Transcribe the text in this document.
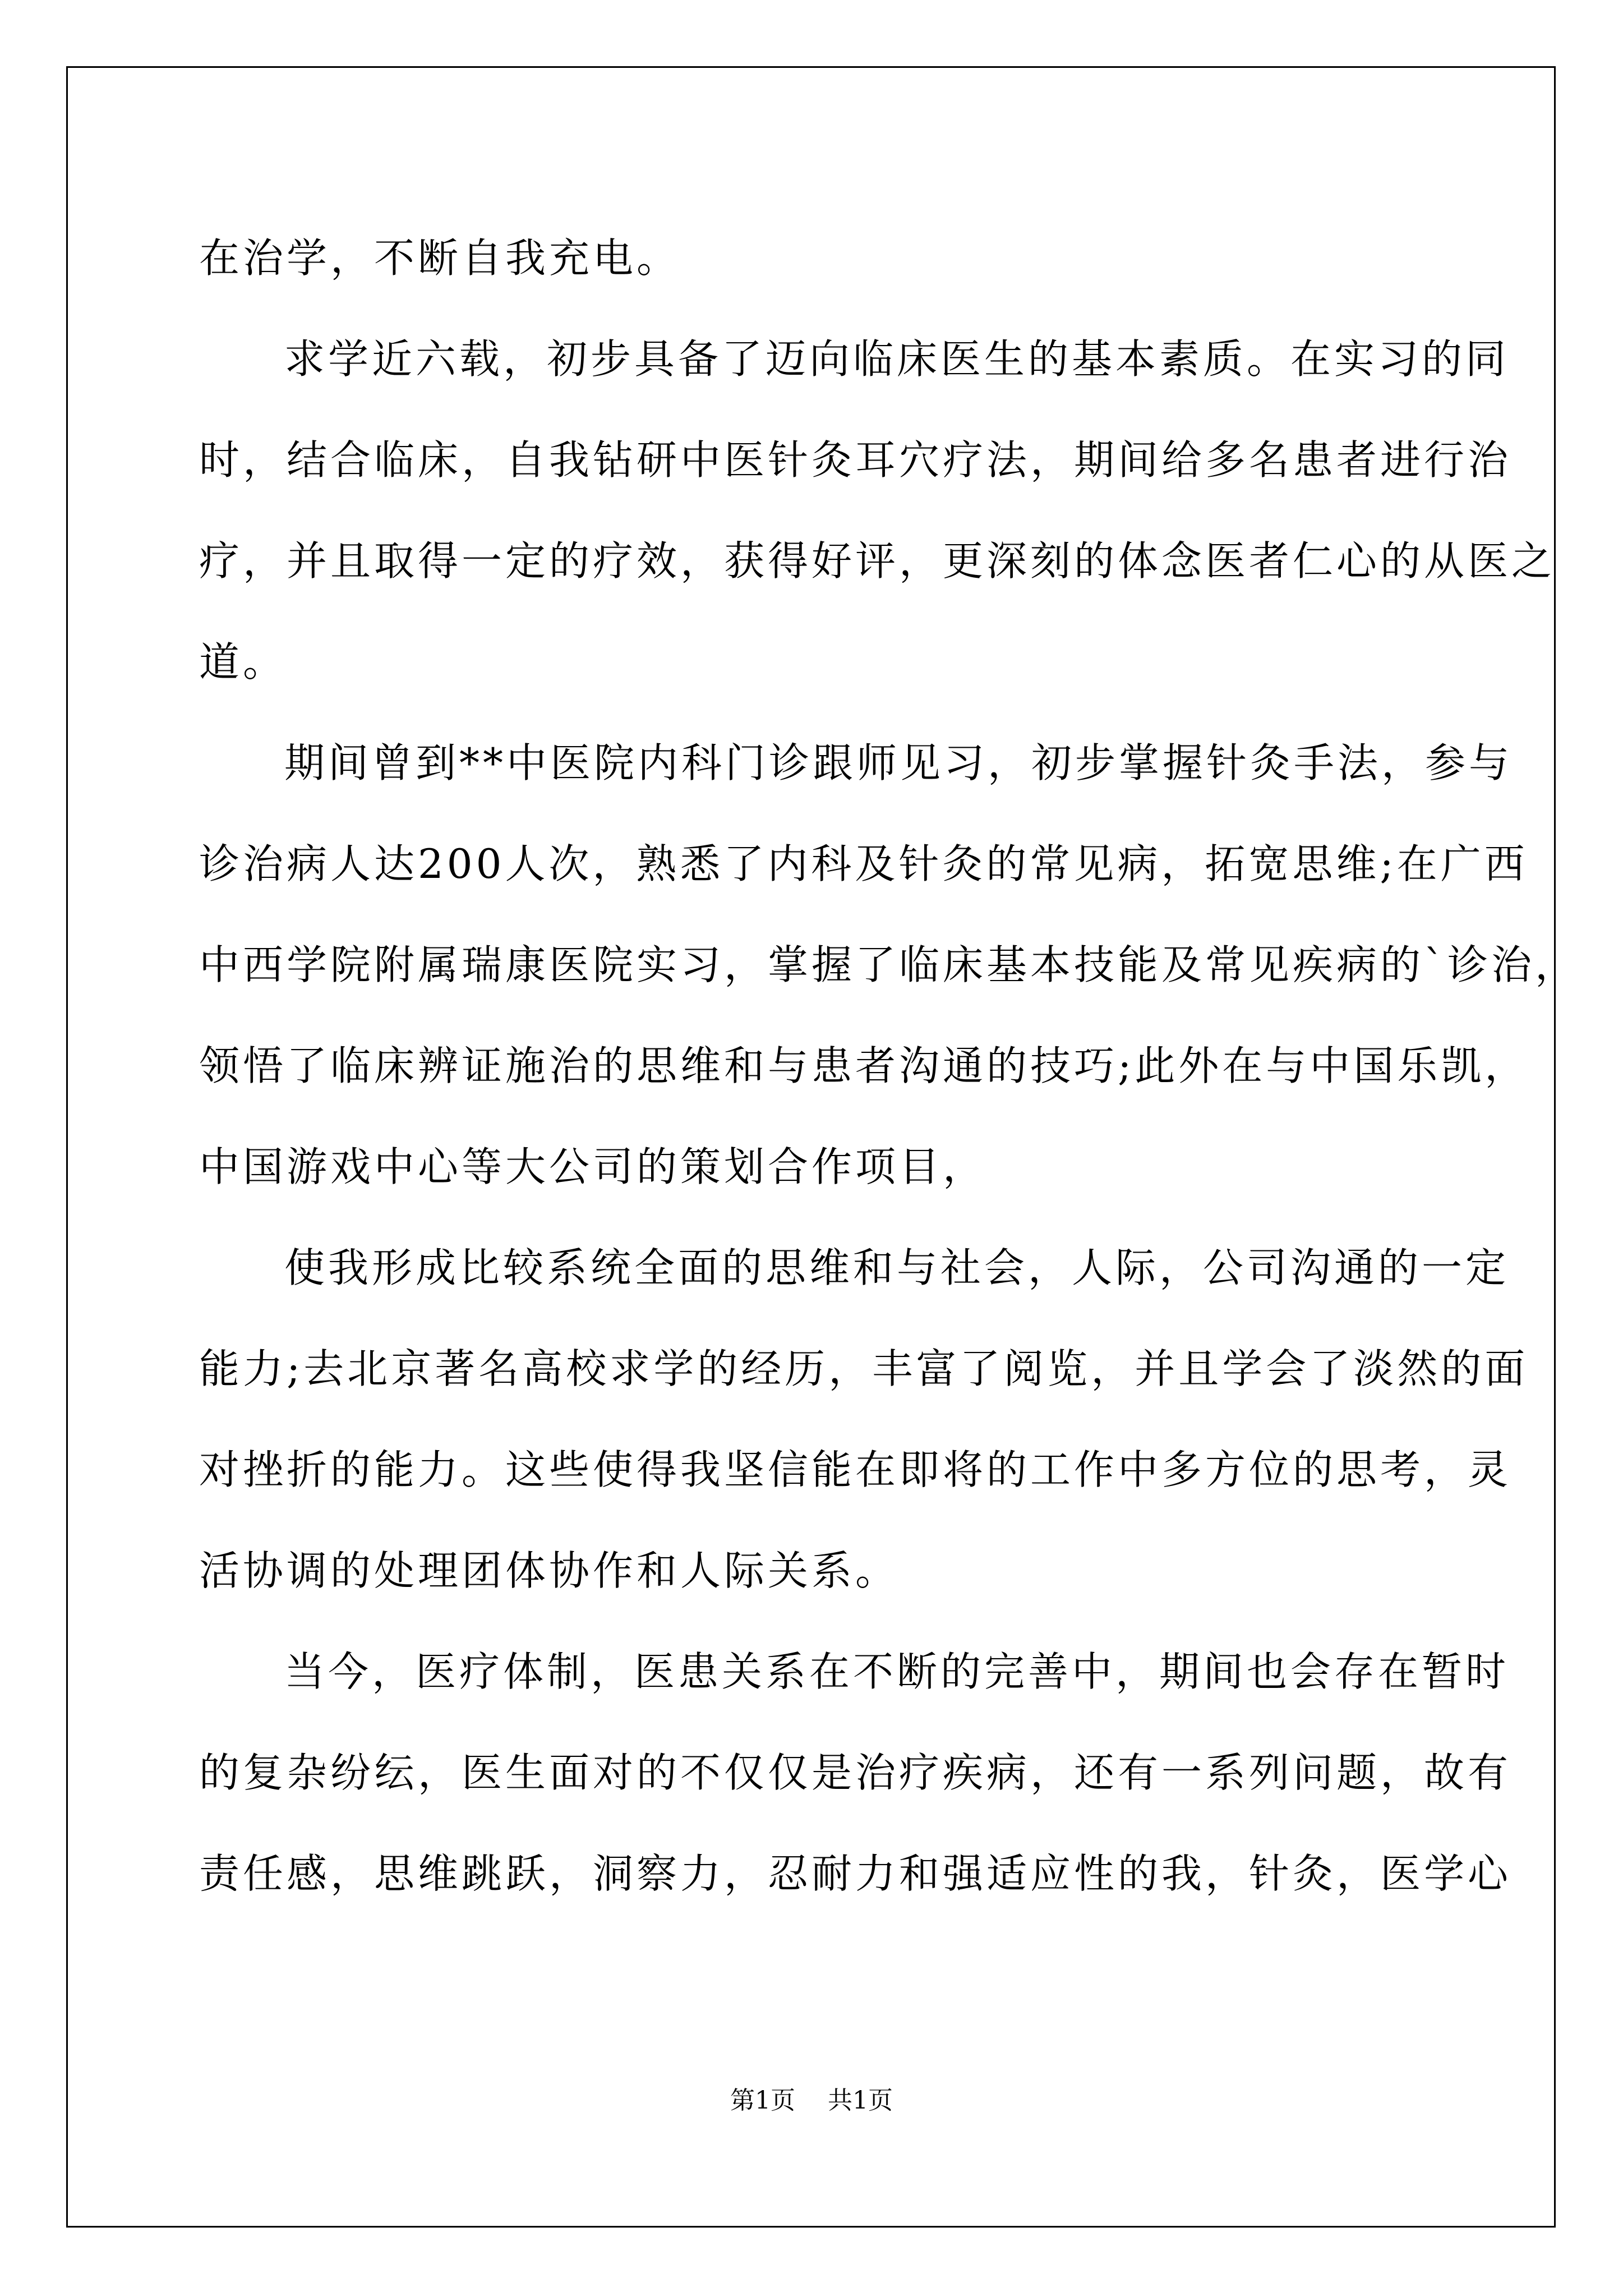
在治学，不断自我充电。

求学近六载，初步具备了迈向临床医生的基本素质。在实习的同
时，结合临床，自我钻研中医针灸耳穴疗法，期间给多名患者进行治
疗，并且取得一定的疗效，获得好评，更深刻的体念医者仁心的从医之
道。

期间曾到**中医院内科门诊跟师见习，初步掌握针灸手法，参与
诊治病人达200人次，熟悉了内科及针灸的常见病，拓宽思维;在广西
中西学院附属瑞康医院实习，掌握了临床基本技能及常见疾病的`诊治，
领悟了临床辨证施治的思维和与患者沟通的技巧;此外在与中国乐凯，
中国游戏中心等大公司的策划合作项目，

使我形成比较系统全面的思维和与社会，人际，公司沟通的一定
能力;去北京著名高校求学的经历，丰富了阅览，并且学会了淡然的面
对挫折的能力。这些使得我坚信能在即将的工作中多方位的思考，灵
活协调的处理团体协作和人际关系。

当今，医疗体制，医患关系在不断的完善中，期间也会存在暂时
的复杂纷纭，医生面对的不仅仅是治疗疾病，还有一系列问题，故有
责任感，思维跳跃，洞察力，忍耐力和强适应性的我，针灸，医学心

第1页 共1页
